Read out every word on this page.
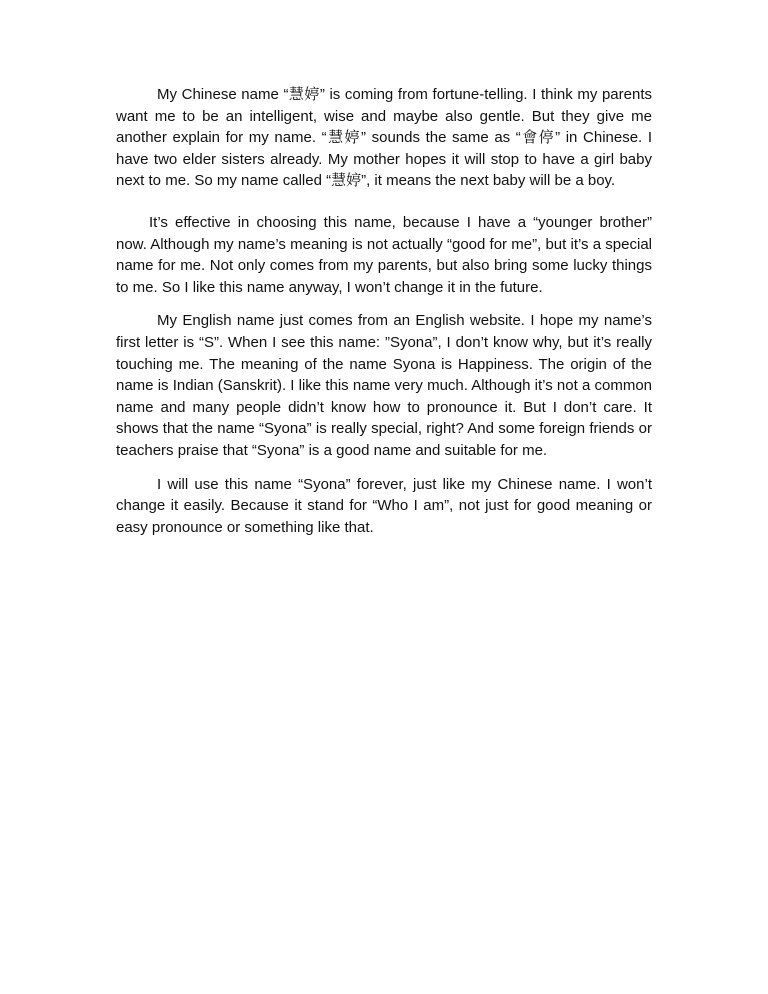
My Chinese name “慧婷” is coming from fortune-telling. I think my parents want me to be an intelligent, wise and maybe also gentle. But they give me another explain for my name. “慧婷” sounds the same as “會停” in Chinese. I have two elder sisters already. My mother hopes it will stop to have a girl baby next to me. So my name called “慧婷”, it means the next baby will be a boy.

It’s effective in choosing this name, because I have a “younger brother” now. Although my name’s meaning is not actually “good for me”, but it’s a special name for me. Not only comes from my parents, but also bring some lucky things to me. So I like this name anyway, I won’t change it in the future.

My English name just comes from an English website. I hope my name’s first letter is “S”. When I see this name: ”Syona”, I don’t know why, but it’s really touching me. The meaning of the name Syona is Happiness. The origin of the name is Indian (Sanskrit). I like this name very much. Although it’s not a common name and many people didn’t know how to pronounce it. But I don’t care. It shows that the name “Syona” is really special, right? And some foreign friends or teachers praise that “Syona” is a good name and suitable for me.

I will use this name “Syona” forever, just like my Chinese name. I won’t change it easily. Because it stand for “Who I am”, not just for good meaning or easy pronounce or something like that.
